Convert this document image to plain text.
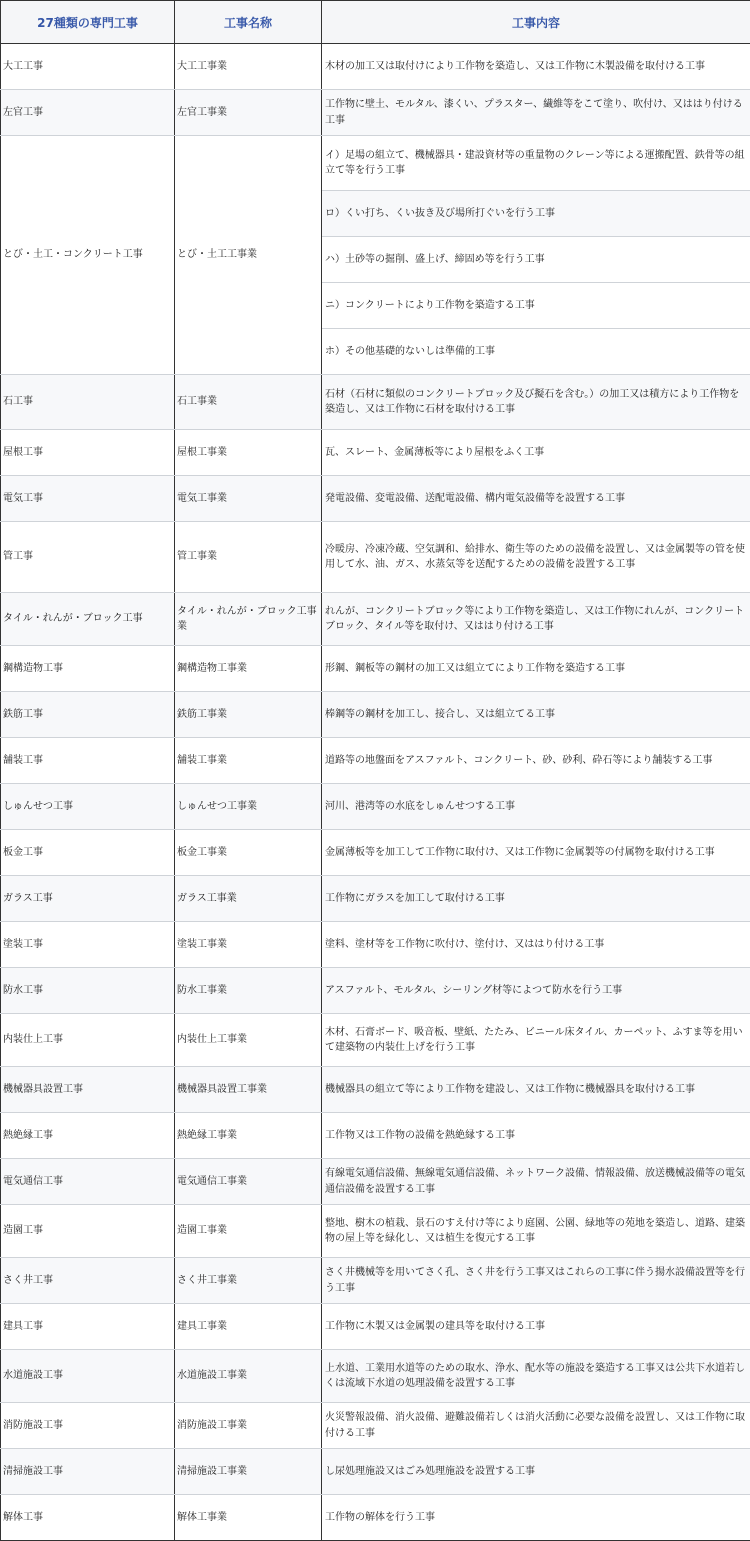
27種類の専門工事	工事名称	工事内容
大工工事	大工工事業	木材の加工又は取付けにより工作物を築造し、又は工作物に木製設備を取付ける工事
左官工事	左官工事業	工作物に壁土、モルタル、漆くい、プラスター、繊維等をこて塗り、吹付け、又ははり付ける工事
とび・土工・コンクリート工事	とび・土工工事業	イ）足場の組立て、機械器具・建設資材等の重量物のクレーン等による運搬配置、鉄骨等の組立て等を行う工事
		ロ）くい打ち、くい抜き及び場所打ぐいを行う工事
		ハ）土砂等の掘削、盛上げ、締固め等を行う工事
		ニ）コンクリートにより工作物を築造する工事
		ホ）その他基礎的ないしは準備的工事
石工事	石工事業	石材（石材に類似のコンクリートブロック及び擬石を含む。）の加工又は積方により工作物を築造し、又は工作物に石材を取付ける工事
屋根工事	屋根工事業	瓦、スレート、金属薄板等により屋根をふく工事
電気工事	電気工事業	発電設備、変電設備、送配電設備、構内電気設備等を設置する工事
管工事	管工事業	冷暖房、冷凍冷蔵、空気調和、給排水、衛生等のための設備を設置し、又は金属製等の管を使用して水、油、ガス、水蒸気等を送配するための設備を設置する工事
タイル・れんが・ブロック工事	タイル・れんが・ブロック工事業	れんが、コンクリートブロック等により工作物を築造し、又は工作物にれんが、コンクリートブロック、タイル等を取付け、又ははり付ける工事
鋼構造物工事	鋼構造物工事業	形鋼、鋼板等の鋼材の加工又は組立てにより工作物を築造する工事
鉄筋工事	鉄筋工事業	棒鋼等の鋼材を加工し、接合し、又は組立てる工事
舗装工事	舗装工事業	道路等の地盤面をアスファルト、コンクリート、砂、砂利、砕石等により舗装する工事
しゅんせつ工事	しゅんせつ工事業	河川、港湾等の水底をしゅんせつする工事
板金工事	板金工事業	金属薄板等を加工して工作物に取付け、又は工作物に金属製等の付属物を取付ける工事
ガラス工事	ガラス工事業	工作物にガラスを加工して取付ける工事
塗装工事	塗装工事業	塗料、塗材等を工作物に吹付け、塗付け、又ははり付ける工事
防水工事	防水工事業	アスファルト、モルタル、シーリング材等によつて防水を行う工事
内装仕上工事	内装仕上工事業	木材、石膏ボード、吸音板、壁紙、たたみ、ビニール床タイル、カーペット、ふすま等を用いて建築物の内装仕上げを行う工事
機械器具設置工事	機械器具設置工事業	機械器具の組立て等により工作物を建設し、又は工作物に機械器具を取付ける工事
熱絶縁工事	熱絶縁工事業	工作物又は工作物の設備を熱絶縁する工事
電気通信工事	電気通信工事業	有線電気通信設備、無線電気通信設備、ネットワーク設備、情報設備、放送機械設備等の電気通信設備を設置する工事
造園工事	造園工事業	整地、樹木の植栽、景石のすえ付け等により庭園、公園、緑地等の苑地を築造し、道路、建築物の屋上等を緑化し、又は植生を復元する工事
さく井工事	さく井工事業	さく井機械等を用いてさく孔、さく井を行う工事又はこれらの工事に伴う揚水設備設置等を行う工事
建具工事	建具工事業	工作物に木製又は金属製の建具等を取付ける工事
水道施設工事	水道施設工事業	上水道、工業用水道等のための取水、浄水、配水等の施設を築造する工事又は公共下水道若しくは流域下水道の処理設備を設置する工事
消防施設工事	消防施設工事業	火災警報設備、消火設備、避難設備若しくは消火活動に必要な設備を設置し、又は工作物に取付ける工事
清掃施設工事	清掃施設工事業	し尿処理施設又はごみ処理施設を設置する工事
解体工事	解体工事業	工作物の解体を行う工事
